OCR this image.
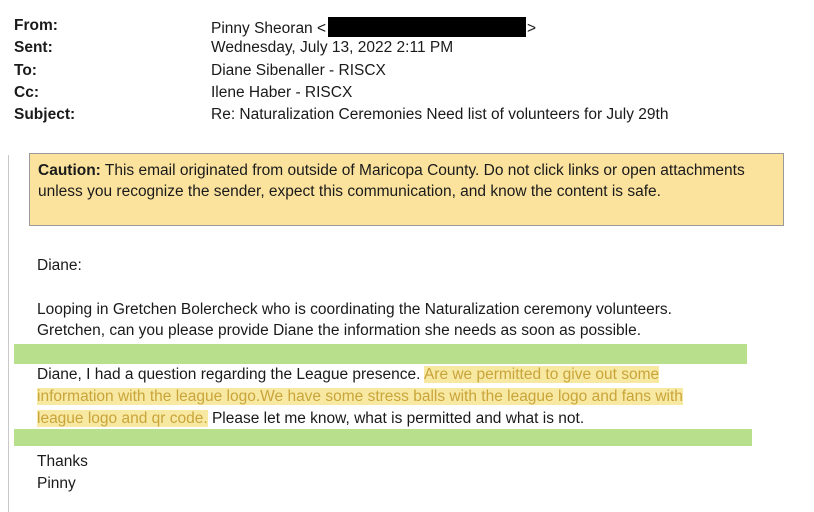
From:	Pinny Sheoran <	>
Sent:	Wednesday, July 13, 2022 2:11 PM
To:	Diane Sibenaller - RISCX
Cc:	Ilene Haber - RISCX
Subject:	Re: Naturalization Ceremonies Need list of volunteers for July 29th
Caution: This email originated from outside of Maricopa County. Do not click links or open attachments unless you recognize the sender, expect this communication, and know the content is safe.
Diane:
Looping in Gretchen Bolercheck who is coordinating the Naturalization ceremony volunteers.
Gretchen, can you please provide Diane the information she needs as soon as possible.
Diane, I had a question regarding the League presence. Are we permitted to give out some
information with the league logo.We have some stress balls with the league logo and fans with
league logo and qr code. Please let me know, what is permitted and what is not.
Thanks
Pinny
